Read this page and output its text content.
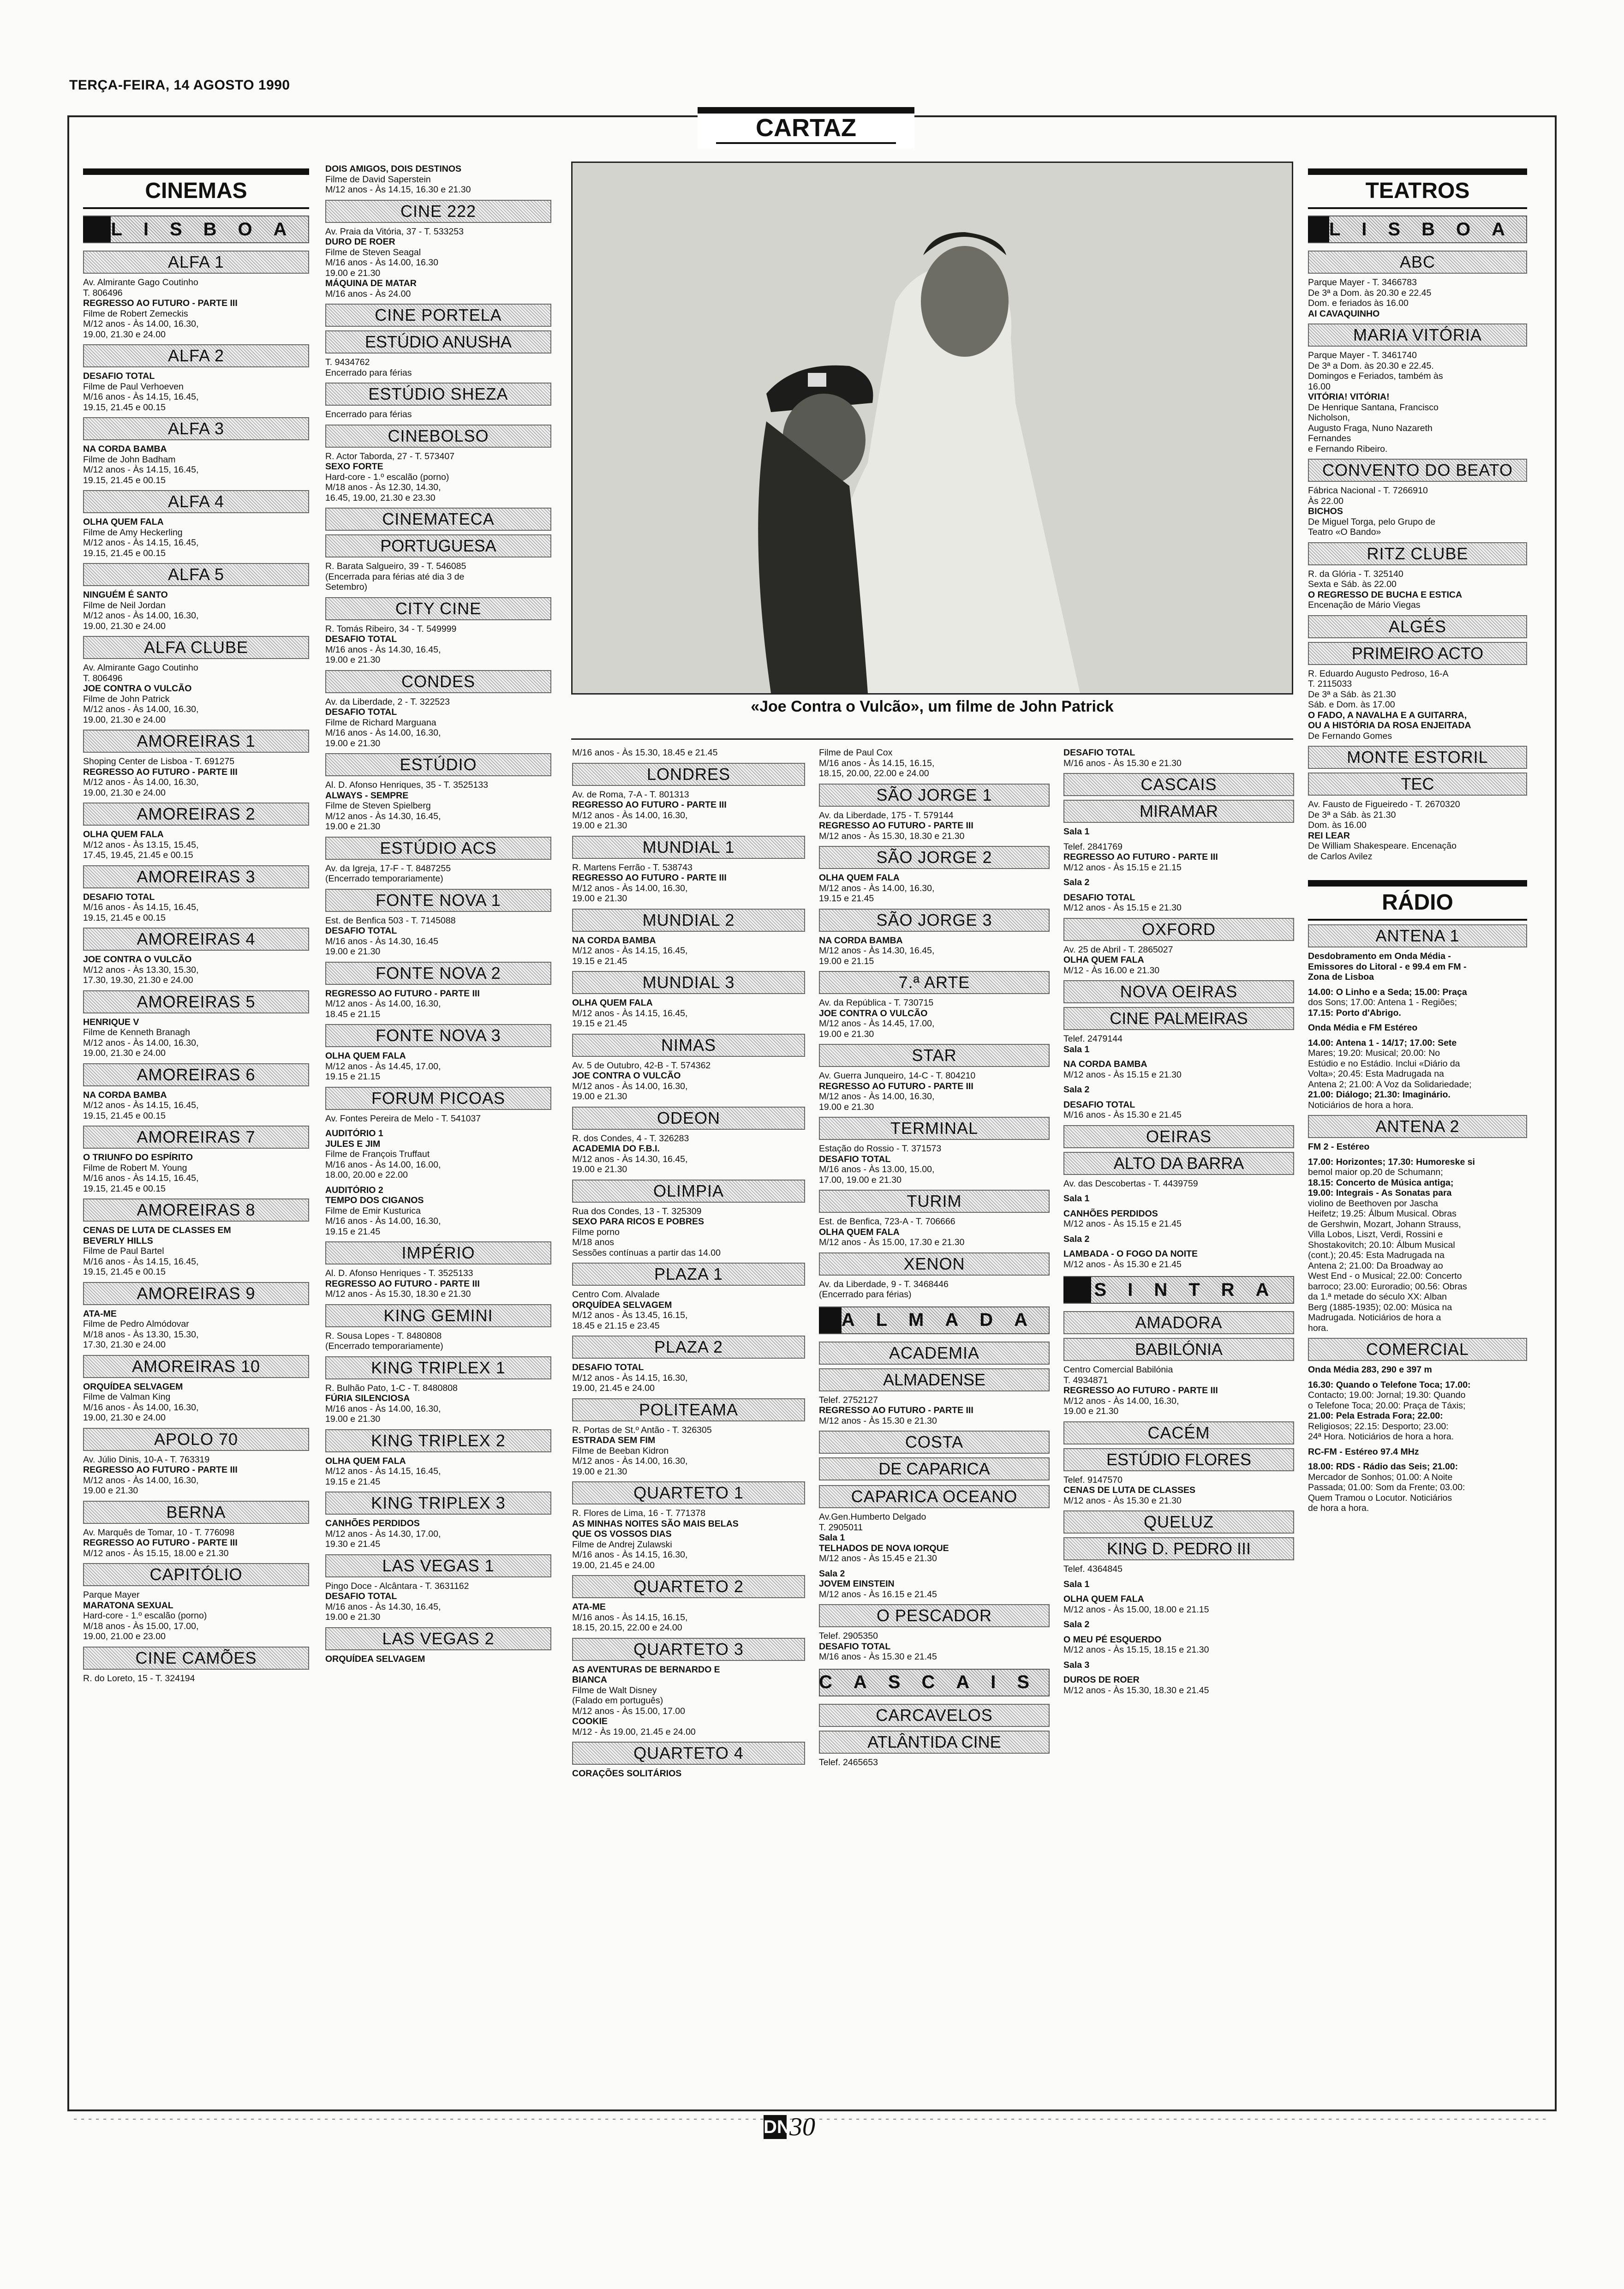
TERÇA-FEIRA, 14 AGOSTO 1990
CARTAZ
CINEMAS
LISBOA
ALFA 1
Av. Almirante Gago Coutinho
T. 806496
REGRESSO AO FUTURO - PARTE III
Filme de Robert Zemeckis
M/12 anos - Às 14.00, 16.30,
19.00, 21.30 e 24.00
ALFA 2
DESAFIO TOTAL
Filme de Paul Verhoeven
M/16 anos - Às 14.15, 16.45,
19.15, 21.45 e 00.15
ALFA 3
NA CORDA BAMBA
Filme de John Badham
M/12 anos - Às 14.15, 16.45,
19.15, 21.45 e 00.15
ALFA 4
OLHA QUEM FALA
Filme de Amy Heckerling
M/12 anos - Às 14.15, 16.45,
19.15, 21.45 e 00.15
ALFA 5
NINGUÉM É SANTO
Filme de Neil Jordan
M/12 anos - Às 14.00, 16.30,
19.00, 21.30 e 24.00
ALFA CLUBE
Av. Almirante Gago Coutinho
T. 806496
JOE CONTRA O VULCÃO
Filme de John Patrick
M/12 anos - Às 14.00, 16.30,
19.00, 21.30 e 24.00
AMOREIRAS 1
Shoping Center de Lisboa - T. 691275
REGRESSO AO FUTURO - PARTE III
M/12 anos - Às 14.00, 16.30,
19.00, 21.30 e 24.00
AMOREIRAS 2
OLHA QUEM FALA
M/12 anos - Às 13.15, 15.45,
17.45, 19.45, 21.45 e 00.15
AMOREIRAS 3
DESAFIO TOTAL
M/16 anos - Às 14.15, 16.45,
19.15, 21.45 e 00.15
AMOREIRAS 4
JOE CONTRA O VULCÃO
M/12 anos - Às 13.30, 15.30,
17.30, 19.30, 21.30 e 24.00
AMOREIRAS 5
HENRIQUE V
Filme de Kenneth Branagh
M/12 anos - Às 14.00, 16.30,
19.00, 21.30 e 24.00
AMOREIRAS 6
NA CORDA BAMBA
M/12 anos - Às 14.15, 16.45,
19.15, 21.45 e 00.15
AMOREIRAS 7
O TRIUNFO DO ESPÍRITO
Filme de Robert M. Young
M/16 anos - Às 14.15, 16.45,
19.15, 21.45 e 00.15
AMOREIRAS 8
CENAS DE LUTA DE CLASSES EM
BEVERLY HILLS
Filme de Paul Bartel
M/16 anos - Às 14.15, 16.45,
19.15, 21.45 e 00.15
AMOREIRAS 9
ATA-ME
Filme de Pedro Almódovar
M/18 anos - Às 13.30, 15.30,
17.30, 21.30 e 24.00
AMOREIRAS 10
ORQUÍDEA SELVAGEM
Filme de Valman King
M/16 anos - Às 14.00, 16.30,
19.00, 21.30 e 24.00
APOLO 70
Av. Júlio Dinis, 10-A - T. 763319
REGRESSO AO FUTURO - PARTE III
M/12 anos - Às 14.00, 16.30,
19.00 e 21.30
BERNA
Av. Marquês de Tomar, 10 - T. 776098
REGRESSO AO FUTURO - PARTE III
M/12 anos - Às 15.15, 18.00 e 21.30
CAPITÓLIO
Parque Mayer
MARATONA SEXUAL
Hard-core - 1.º escalão (porno)
M/18 anos - Às 15.00, 17.00,
19.00, 21.00 e 23.00
CINE CAMÕES
R. do Loreto, 15 - T. 324194
DOIS AMIGOS, DOIS DESTINOS
Filme de David Saperstein
M/12 anos - Às 14.15, 16.30 e 21.30
CINE 222
Av. Praia da Vitória, 37 - T. 533253
DURO DE ROER
Filme de Steven Seagal
M/16 anos - Às 14.00, 16.30
19.00 e 21.30
MÁQUINA DE MATAR
M/16 anos - Às 24.00
CINE PORTELA
ESTÚDIO ANUSHA
T. 9434762
Encerrado para férias
ESTÚDIO SHEZA
Encerrado para férias
CINEBOLSO
R. Actor Taborda, 27 - T. 573407
SEXO FORTE
Hard-core - 1.º escalão (porno)
M/18 anos - Às 12.30, 14.30,
16.45, 19.00, 21.30 e 23.30
CINEMATECA
PORTUGUESA
R. Barata Salgueiro, 39 - T. 546085
(Encerrada para férias até dia 3 de
Setembro)
CITY CINE
R. Tomás Ribeiro, 34 - T. 549999
DESAFIO TOTAL
M/16 anos - Às 14.30, 16.45,
19.00 e 21.30
CONDES
Av. da Liberdade, 2 - T. 322523
DESAFIO TOTAL
Filme de Richard Marguana
M/16 anos - Às 14.00, 16.30,
19.00 e 21.30
ESTÚDIO
Al. D. Afonso Henriques, 35 - T. 3525133
ALWAYS - SEMPRE
Filme de Steven Spielberg
M/12 anos - Às 14.30, 16.45,
19.00 e 21.30
ESTÚDIO ACS
Av. da Igreja, 17-F - T. 8487255
(Encerrado temporariamente)
FONTE NOVA 1
Est. de Benfica 503 - T. 7145088
DESAFIO TOTAL
M/16 anos - Às 14.30, 16.45
19.00 e 21.30
FONTE NOVA 2
REGRESSO AO FUTURO - PARTE III
M/12 anos - Às 14.00, 16.30,
18.45 e 21.15
FONTE NOVA 3
OLHA QUEM FALA
M/12 anos - Às 14.45, 17.00,
19.15 e 21.15
FORUM PICOAS
Av. Fontes Pereira de Melo - T. 541037
AUDITÓRIO 1
JULES E JIM
Filme de François Truffaut
M/16 anos - Às 14.00, 16.00,
18.00, 20.00 e 22.00
AUDITÓRIO 2
TEMPO DOS CIGANOS
Filme de Emir Kusturica
M/16 anos - Às 14.00, 16.30,
19.15 e 21.45
IMPÉRIO
Al. D. Afonso Henriques - T. 3525133
REGRESSO AO FUTURO - PARTE III
M/12 anos - Às 15.30, 18.30 e 21.30
KING GEMINI
R. Sousa Lopes - T. 8480808
(Encerrado temporariamente)
KING TRIPLEX 1
R. Bulhão Pato, 1-C - T. 8480808
FÚRIA SILENCIOSA
M/16 anos - Às 14.00, 16.30,
19.00 e 21.30
KING TRIPLEX 2
OLHA QUEM FALA
M/12 anos - Às 14.15, 16.45,
19.15 e 21.45
KING TRIPLEX 3
CANHÕES PERDIDOS
M/12 anos - Às 14.30, 17.00,
19.30 e 21.45
LAS VEGAS 1
Pingo Doce - Alcântara - T. 3631162
DESAFIO TOTAL
M/16 anos - Às 14.30, 16.45,
19.00 e 21.30
LAS VEGAS 2
ORQUÍDEA SELVAGEM
«Joe Contra o Vulcão», um filme de John Patrick
M/16 anos - Às 15.30, 18.45 e 21.45
LONDRES
Av. de Roma, 7-A - T. 801313
REGRESSO AO FUTURO - PARTE III
M/12 anos - Às 14.00, 16.30,
19.00 e 21.30
MUNDIAL 1
R. Martens Ferrão - T. 538743
REGRESSO AO FUTURO - PARTE III
M/12 anos - Às 14.00, 16.30,
19.00 e 21.30
MUNDIAL 2
NA CORDA BAMBA
M/12 anos - Às 14.15, 16.45,
19.15 e 21.45
MUNDIAL 3
OLHA QUEM FALA
M/12 anos - Às 14.15, 16.45,
19.15 e 21.45
NIMAS
Av. 5 de Outubro, 42-B - T. 574362
JOE CONTRA O VULCÃO
M/12 anos - Às 14.00, 16.30,
19.00 e 21.30
ODEON
R. dos Condes, 4 - T. 326283
ACADEMIA DO F.B.I.
M/12 anos - Às 14.30, 16.45,
19.00 e 21.30
OLIMPIA
Rua dos Condes, 13 - T. 325309
SEXO PARA RICOS E POBRES
Filme porno
M/18 anos
Sessões contínuas a partir das 14.00
PLAZA 1
Centro Com. Alvalade
ORQUÍDEA SELVAGEM
M/12 anos - Às 13.45, 16.15,
18.45 e 21.15 e 23.45
PLAZA 2
DESAFIO TOTAL
M/12 anos - Às 14.15, 16.30,
19.00, 21.45 e 24.00
POLITEAMA
R. Portas de St.º Antão - T. 326305
ESTRADA SEM FIM
Filme de Beeban Kidron
M/12 anos - Às 14.00, 16.30,
19.00 e 21.30
QUARTETO 1
R. Flores de Lima, 16 - T. 771378
AS MINHAS NOITES SÃO MAIS BELAS
QUE OS VOSSOS DIAS
Filme de Andrej Zulawski
M/16 anos - Às 14.15, 16.30,
19.00, 21.45 e 24.00
QUARTETO 2
ATA-ME
M/16 anos - Às 14.15, 16.15,
18.15, 20.15, 22.00 e 24.00
QUARTETO 3
AS AVENTURAS DE BERNARDO E
BIANCA
Filme de Walt Disney
(Falado em português)
M/12 anos - Às 15.00, 17.00
COOKIE
M/12 - Às 19.00, 21.45 e 24.00
QUARTETO 4
CORAÇÕES SOLITÁRIOS
Filme de Paul Cox
M/16 anos - Às 14.15, 16.15,
18.15, 20.00, 22.00 e 24.00
SÃO JORGE 1
Av. da Liberdade, 175 - T. 579144
REGRESSO AO FUTURO - PARTE III
M/12 anos - Às 15.30, 18.30 e 21.30
SÃO JORGE 2
OLHA QUEM FALA
M/12 anos - Às 14.00, 16.30,
19.15 e 21.45
SÃO JORGE 3
NA CORDA BAMBA
M/12 anos - Às 14.30, 16.45,
19.00 e 21.15
7.ª ARTE
Av. da República - T. 730715
JOE CONTRA O VULCÃO
M/12 anos - Às 14.45, 17.00,
19.00 e 21.30
STAR
Av. Guerra Junqueiro, 14-C - T. 804210
REGRESSO AO FUTURO - PARTE III
M/12 anos - Às 14.00, 16.30,
19.00 e 21.30
TERMINAL
Estação do Rossio - T. 371573
DESAFIO TOTAL
M/16 anos - Às 13.00, 15.00,
17.00, 19.00 e 21.30
TURIM
Est. de Benfica, 723-A - T. 706666
OLHA QUEM FALA
M/12 anos - Às 15.00, 17.30 e 21.30
XENON
Av. da Liberdade, 9 - T. 3468446
(Encerrado para férias)
ALMADA
ACADEMIA
ALMADENSE
Telef. 2752127
REGRESSO AO FUTURO - PARTE III
M/12 anos - Às 15.30 e 21.30
COSTA
DE CAPARICA
CAPARICA OCEANO
Av.Gen.Humberto Delgado
T. 2905011
Sala 1
TELHADOS DE NOVA IORQUE
M/12 anos - Às 15.45 e 21.30
Sala 2
JOVEM EINSTEIN
M/12 anos - Às 16.15 e 21.45
O PESCADOR
Telef. 2905350
DESAFIO TOTAL
M/16 anos - Às 15.30 e 21.45
CASCAIS
CARCAVELOS
ATLÂNTIDA CINE
Telef. 2465653
DESAFIO TOTAL
M/16 anos - Às 15.30 e 21.30
CASCAIS
MIRAMAR
Sala 1
Telef. 2841769
REGRESSO AO FUTURO - PARTE III
M/12 anos - Às 15.15 e 21.15
Sala 2
DESAFIO TOTAL
M/12 anos - Às 15.15 e 21.30
OXFORD
Av. 25 de Abril - T. 2865027
OLHA QUEM FALA
M/12 - Às 16.00 e 21.30
NOVA OEIRAS
CINE PALMEIRAS
Telef. 2479144
Sala 1
NA CORDA BAMBA
M/12 anos - Às 15.15 e 21.30
Sala 2
DESAFIO TOTAL
M/16 anos - Às 15.30 e 21.45
OEIRAS
ALTO DA BARRA
Av. das Descobertas - T. 4439759
Sala 1
CANHÕES PERDIDOS
M/12 anos - Às 15.15 e 21.45
Sala 2
LAMBADA - O FOGO DA NOITE
M/12 anos - Às 15.30 e 21.45
SINTRA
AMADORA
BABILÓNIA
Centro Comercial Babilónia
T. 4934871
REGRESSO AO FUTURO - PARTE III
M/12 anos - Às 14.00, 16.30,
19.00 e 21.30
CACÉM
ESTÚDIO FLORES
Telef. 9147570
CENAS DE LUTA DE CLASSES
M/12 anos - Às 15.30 e 21.30
QUELUZ
KING D. PEDRO III
Telef. 4364845
Sala 1
OLHA QUEM FALA
M/12 anos - Às 15.00, 18.00 e 21.15
Sala 2
O MEU PÉ ESQUERDO
M/12 anos - Às 15.15, 18.15 e 21.30
Sala 3
DUROS DE ROER
M/12 anos - Às 15.30, 18.30 e 21.45
TEATROS
LISBOA
ABC
Parque Mayer - T. 3466783
De 3ª a Dom. às 20.30 e 22.45
Dom. e feriados às 16.00
AI CAVAQUINHO
MARIA VITÓRIA
Parque Mayer - T. 3461740
De 3ª a Dom. às 20.30 e 22.45.
Domingos e Feriados, também às
16.00
VITÓRIA! VITÓRIA!
De Henrique Santana, Francisco
Nicholson,
Augusto Fraga, Nuno Nazareth
Fernandes
e Fernando Ribeiro.
CONVENTO DO BEATO
Fábrica Nacional - T. 7266910
Às 22.00
BICHOS
De Miguel Torga, pelo Grupo de
Teatro «O Bando»
RITZ CLUBE
R. da Glória - T. 325140
Sexta e Sáb. às 22.00
O REGRESSO DE BUCHA E ESTICA
Encenação de Mário Viegas
ALGÉS
PRIMEIRO ACTO
R. Eduardo Augusto Pedroso, 16-A
T. 2115033
De 3ª a Sáb. às 21.30
Sáb. e Dom. às 17.00
O FADO, A NAVALHA E A GUITARRA,
OU A HISTÓRIA DA ROSA ENJEITADA
De Fernando Gomes
MONTE ESTORIL
TEC
Av. Fausto de Figueiredo - T. 2670320
De 3ª a Sáb. às 21.30
Dom. às 16.00
REI LEAR
De William Shakespeare. Encenação
de Carlos Avilez
RÁDIO
ANTENA 1
Desdobramento em Onda Média -
Emissores do Litoral - e 99.4 em FM -
Zona de Lisboa
14.00: O Linho e a Seda; 15.00: Praça
dos Sons; 17.00: Antena 1 - Regiões;
17.15: Porto d'Abrigo.
Onda Média e FM Estéreo
14.00: Antena 1 - 14/17; 17.00: Sete
Mares; 19.20: Musical; 20.00: No
Estúdio e no Estádio. Inclui «Diário da
Volta»; 20.45: Esta Madrugada na
Antena 2; 21.00: A Voz da Solidariedade;
21.00: Diálogo; 21.30: Imaginário.
Noticiários de hora a hora.
ANTENA 2
FM 2 - Estéreo
17.00: Horizontes; 17.30: Humoreske si
bemol maior op.20 de Schumann;
18.15: Concerto de Música antiga;
19.00: Integrais - As Sonatas para
violino de Beethoven por Jascha
Heifetz; 19.25: Álbum Musical. Obras
de Gershwin, Mozart, Johann Strauss,
Villa Lobos, Liszt, Verdi, Rossini e
Shostakovitch; 20.10: Álbum Musical
(cont.); 20.45: Esta Madrugada na
Antena 2; 21.00: Da Broadway ao
West End - o Musical; 22.00: Concerto
barroco; 23.00: Euroradio; 00.56: Obras
da 1.ª metade do século XX: Alban
Berg (1885-1935); 02.00: Música na
Madrugada. Noticiários de hora a
hora.
COMERCIAL
Onda Média 283, 290 e 397 m
16.30: Quando o Telefone Toca; 17.00:
Contacto; 19.00: Jornal; 19.30: Quando
o Telefone Toca; 20.00: Praça de Táxis;
21.00: Pela Estrada Fora; 22.00:
Religiosos; 22.15: Desporto; 23.00:
24ª Hora. Noticiários de hora a hora.
RC-FM - Estéreo 97.4 MHz
18.00: RDS - Rádio das Seis; 21.00:
Mercador de Sonhos; 01.00: A Noite
Passada; 01.00: Som da Frente; 03.00:
Quem Tramou o Locutor. Noticiários
de hora a hora.
DN
30
